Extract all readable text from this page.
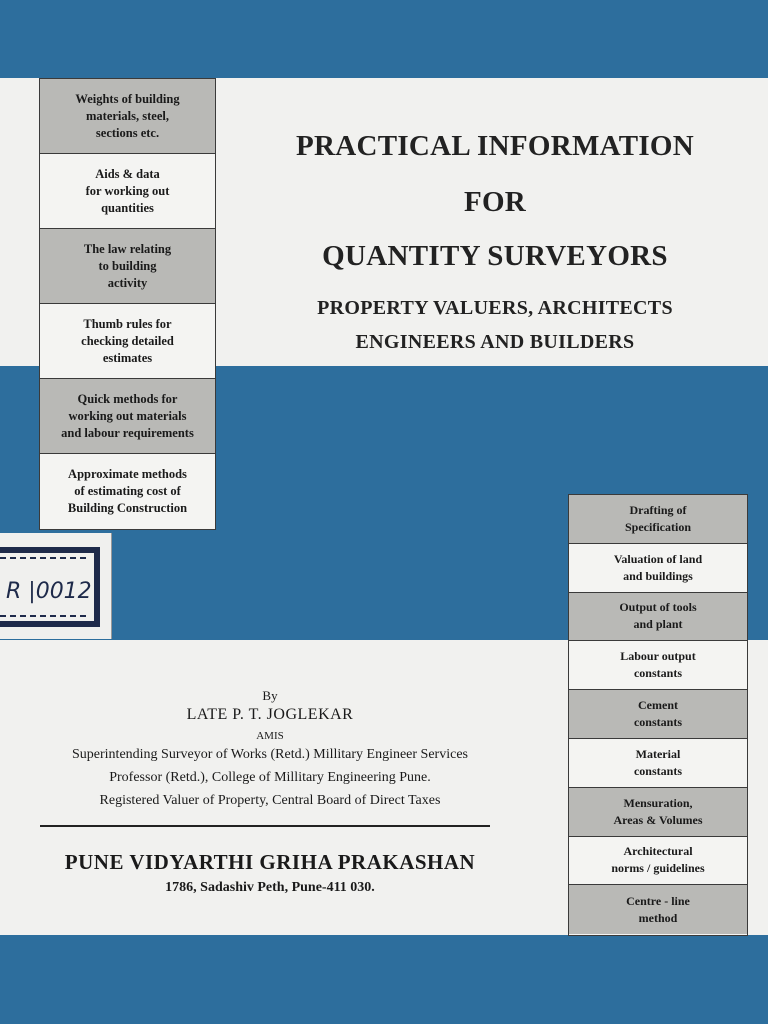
Weights of building
materials, steel,
sections etc.
Aids & data
for working out
quantities
The law relating
to building
activity
Thumb rules for
checking detailed
estimates
Quick methods for
working out materials
and labour requirements
Approximate methods
of estimating cost of
Building Construction
PRACTICAL INFORMATION
FOR
QUANTITY SURVEYORS
PROPERTY VALUERS, ARCHITECTS
ENGINEERS AND BUILDERS
R |0012
By
LATE P. T. JOGLEKAR
AMIS
Superintending Surveyor of Works (Retd.) Millitary Engineer Services
Professor (Retd.), College of Millitary Engineering Pune.
Registered Valuer of Property, Central Board of Direct Taxes
PUNE VIDYARTHI GRIHA PRAKASHAN
1786, Sadashiv Peth, Pune-411 030.
Drafting of
Specification
Valuation of land
and buildings
Output of tools
and plant
Labour output
constants
Cement
constants
Material
constants
Mensuration,
Areas & Volumes
Architectural
norms / guidelines
Centre - line
method
